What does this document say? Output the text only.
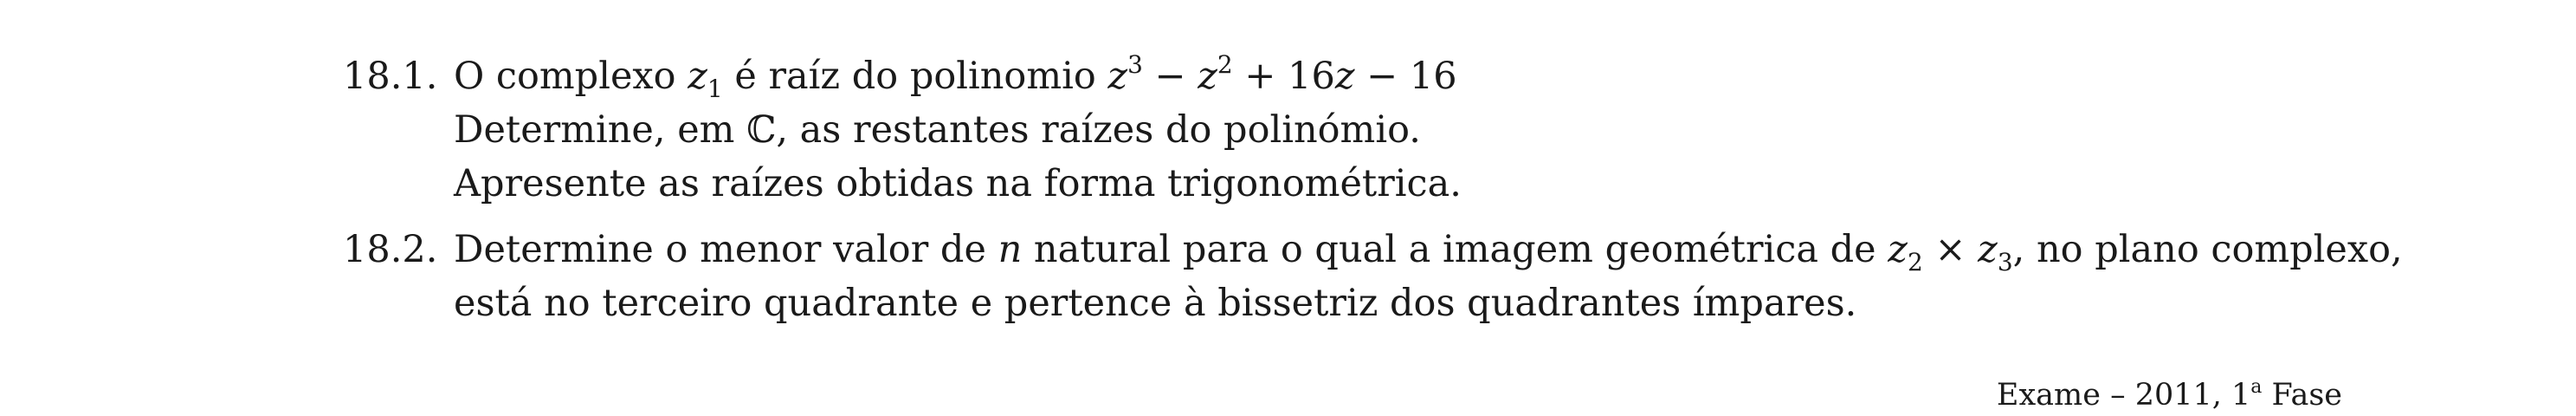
18.1. O complexo $z_1$ é raíz do polinomio $z^3 - z^2 + 16z - 16$
Determine, em ℂ, as restantes raízes do polinómio.
Apresente as raízes obtidas na forma trigonométrica.
18.2. Determine o menor valor de n natural para o qual a imagem geométrica de $z_2 \times z_3$, no plano complexo,
está no terceiro quadrante e pertence à bissetriz dos quadrantes ímpares.
Exame – 2011, 1$^a$ Fase
